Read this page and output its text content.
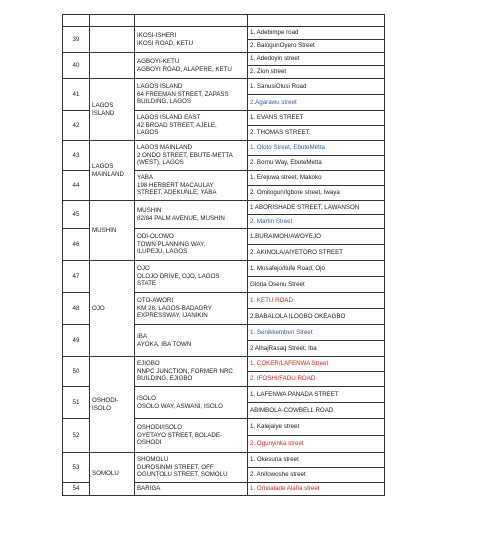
39		IKOSI-ISHERI
IKOSI ROAD, KETU	1. Adebimpe road
			2. BalogunOyero Street
40		AGBOYI-KETU
AGBOYI ROAD, ALAPERE, KETU	1. Adedoyin street
			2. Zion street
41	LAGOS ISLAND	LAGOS ISLAND
64 FREEMAN STREET, ZAPASS
BUILDING, LAGOS	1. SanusiOlusi Road
			2.Agarawu street
42		LAGOS ISLAND EAST
42 BROAD STREET, AJELE,
LAGOS	1. EVANS STREET
			2. THOMAS STREET.
43	LAGOS MAINLAND	LAGOS MAINLAND
2 ONDO STREET, EBUTE-METTA
(WEST), LAGOS	1. Oloto Street, EbuteMetta
			2. Bornu Way, EbuteMetta
44		YABA
198 HERBERT MACAULAY
STREET, ADEKUNLE, YABA	1. Erejuwa street, Makoko
			2. Omitogun/Igbore street, Iwaya
45	MUSHIN	MUSHIN
82/84 PALM AVENUE, MUSHIN	1 ABORISHADE STREET, LAWANSON
			2. Martin Street
46		ODI-OLOWO
TOWN PLANNING WAY,
ILUPEJU, LAGOS	1.BURAIMOH/AWOYEJO
			2. AKINOLA/AIYETORO STREET
47	OJO	OJO
OLOJO DRIVE, OJO, LAGOS
STATE	1. Mosafejo/Ilufe Road, Ojo
			Gloria Osenu Street
48		OTO-AWORI
KM 28, LAGOS-BADAGRY
EXPRESSWAY, IJANIKIN	1. KETU ROAD
			2.BABALOLA ILOGBO OKEAGBO
49		IBA
AYOKA, IBA TOWN	1. Senikkemberi Street
			2 AlhajRasaq Street, Iba
50	OSHODI-ISOLO	EJIGBO
NNPC JUNCTION, FORMER NRC
BUILDING, EJIGBO	1. COKER/LAFENWA Street
			2. IFOSHI/FADU ROAD
51		ISOLO
OSOLO WAY, ASWANI, ISOLO	1. LAFENWA PANADA STREET
			ABIMBOLA-COWBELL ROAD
52		OSHODI/ISOLO
OYETAYO STREET, BOLADE-
OSHODI	1. Kalejaiye street
			2. Ogunyinka street
53	SOMOLU	SHOMOLU
DUROSINMI STREET, OFF
OGUNTOLU STREET, SOMOLU	1. Okesuna street
			2. Anifowoshe street
54		BARIGA	1. Omoalade Alafia street
